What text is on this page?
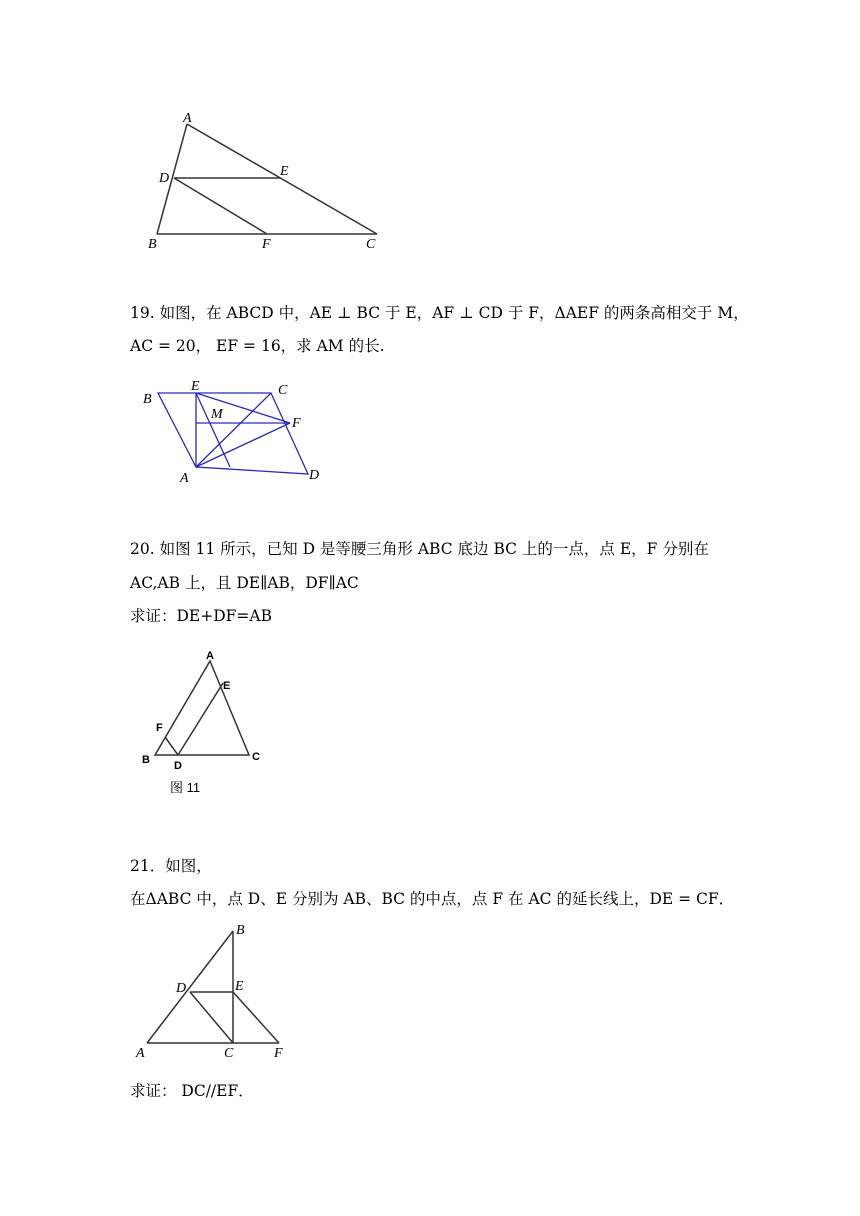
A
D	E
B	F	C
19. 如图，在 ABCD 中，AE ⊥ BC 于 E，AF ⊥ CD 于 F，ΔAEF 的两条高相交于 M，
AC = 20， EF = 16，求 AM 的长.
B
E	C
M
F
A	D
20. 如图 11 所示，已知 D 是等腰三角形 ABC 底边 BC 上的一点，点 E，F 分别在
AC,AB 上，且 DE∥AB，DF∥AC
求证：DE+DF=AB
A
E
F
B D
C
图 11
21．如图，
在ΔABC 中，点 D、E 分别为 AB、BC 的中点，点 F 在 AC 的延长线上，DE = CF．
B
D	E
A	C	F
求证： DC//EF．
